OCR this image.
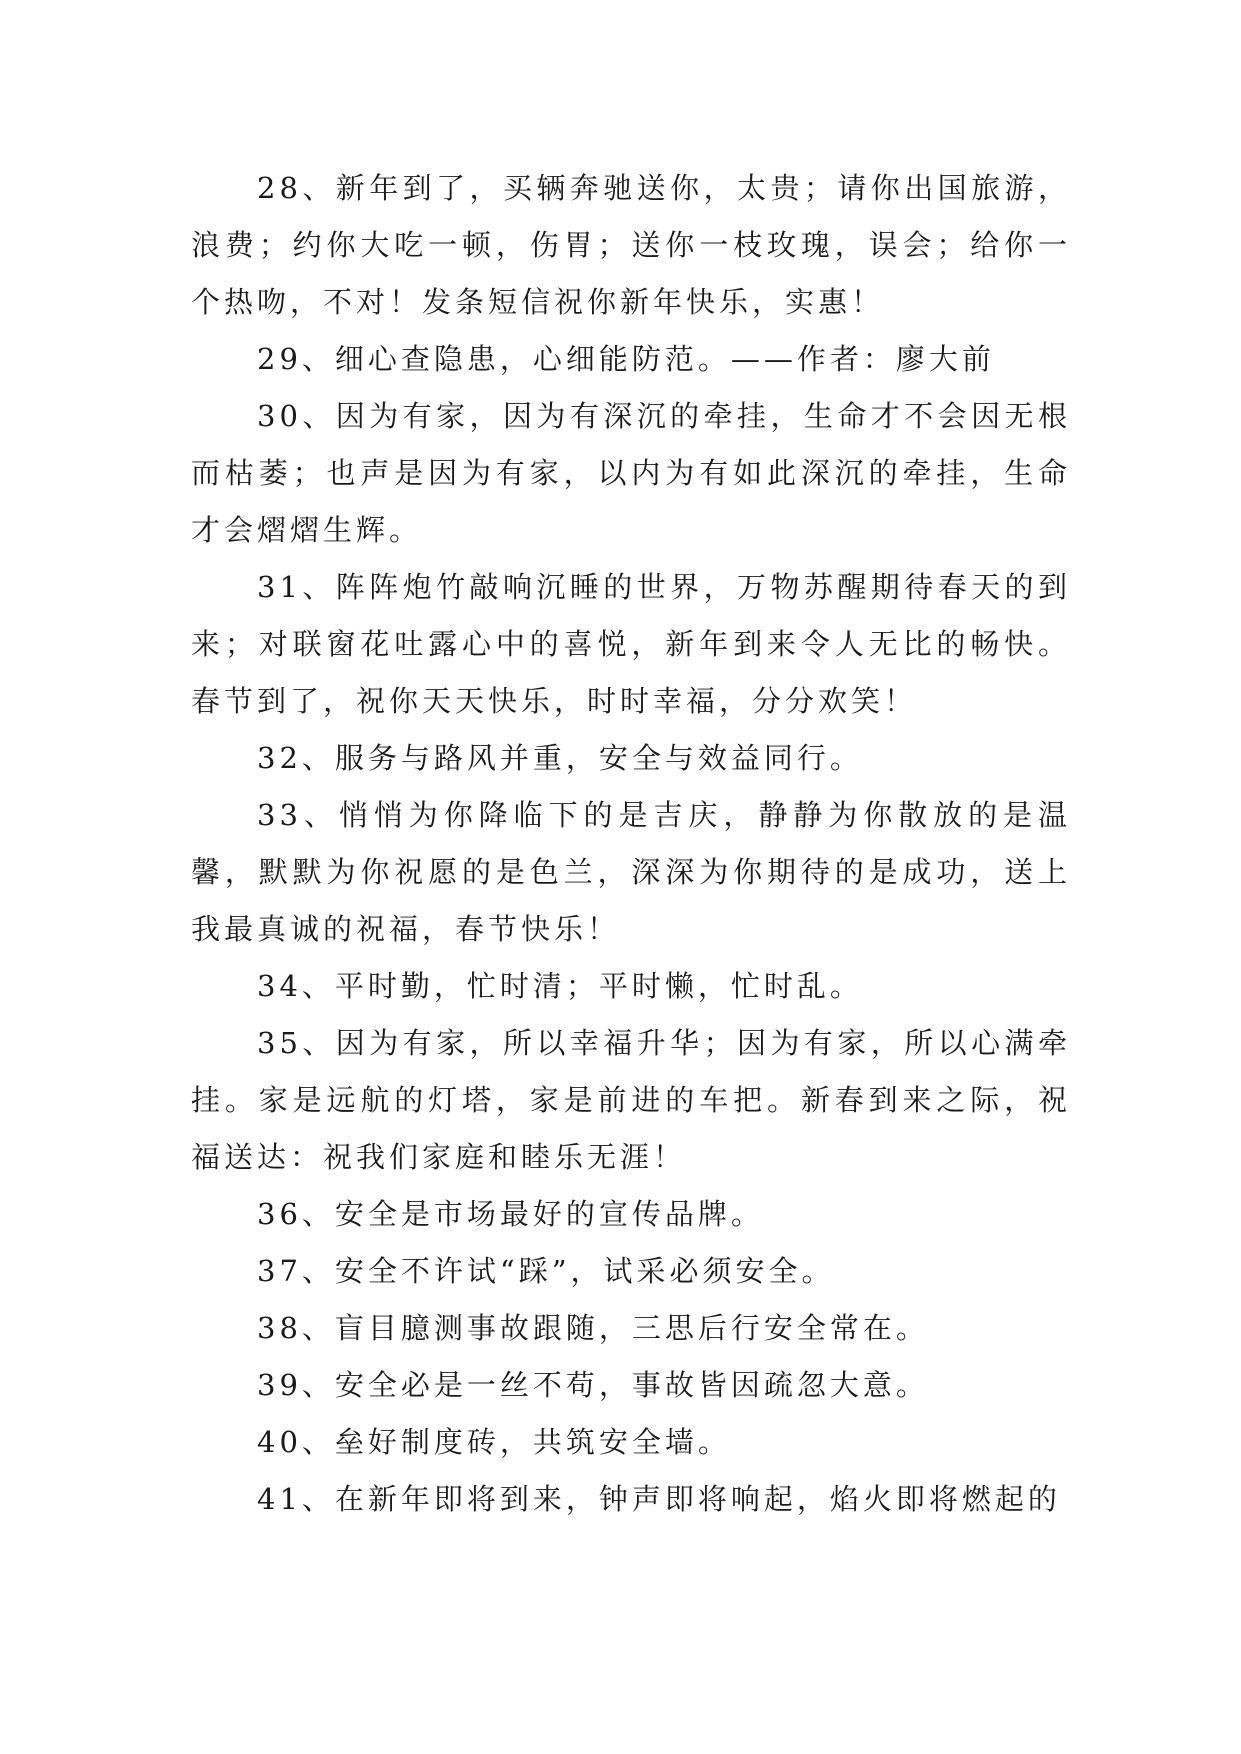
28、新年到了，买辆奔驰送你，太贵；请你出国旅游，浪费；约你大吃一顿，伤胃；送你一枝玫瑰，误会；给你一个热吻，不对！发条短信祝你新年快乐，实惠！

29、细心查隐患，心细能防范。——作者：廖大前

30、因为有家，因为有深沉的牵挂，生命才不会因无根而枯萎；也声是因为有家，以内为有如此深沉的牵挂，生命才会熠熠生辉。

31、阵阵炮竹敲响沉睡的世界，万物苏醒期待春天的到来；对联窗花吐露心中的喜悦，新年到来令人无比的畅快。春节到了，祝你天天快乐，时时幸福，分分欢笑！

32、服务与路风并重，安全与效益同行。

33、悄悄为你降临下的是吉庆，静静为你散放的是温馨，默默为你祝愿的是色兰，深深为你期待的是成功，送上我最真诚的祝福，春节快乐！

34、平时勤，忙时清；平时懒，忙时乱。

35、因为有家，所以幸福升华；因为有家，所以心满牵挂。家是远航的灯塔，家是前进的车把。新春到来之际，祝福送达：祝我们家庭和睦乐无涯！

36、安全是市场最好的宣传品牌。

37、安全不许试“踩”，试采必须安全。

38、盲目臆测事故跟随，三思后行安全常在。

39、安全必是一丝不苟，事故皆因疏忽大意。

40、垒好制度砖，共筑安全墙。

41、在新年即将到来，钟声即将响起，焰火即将燃起的
